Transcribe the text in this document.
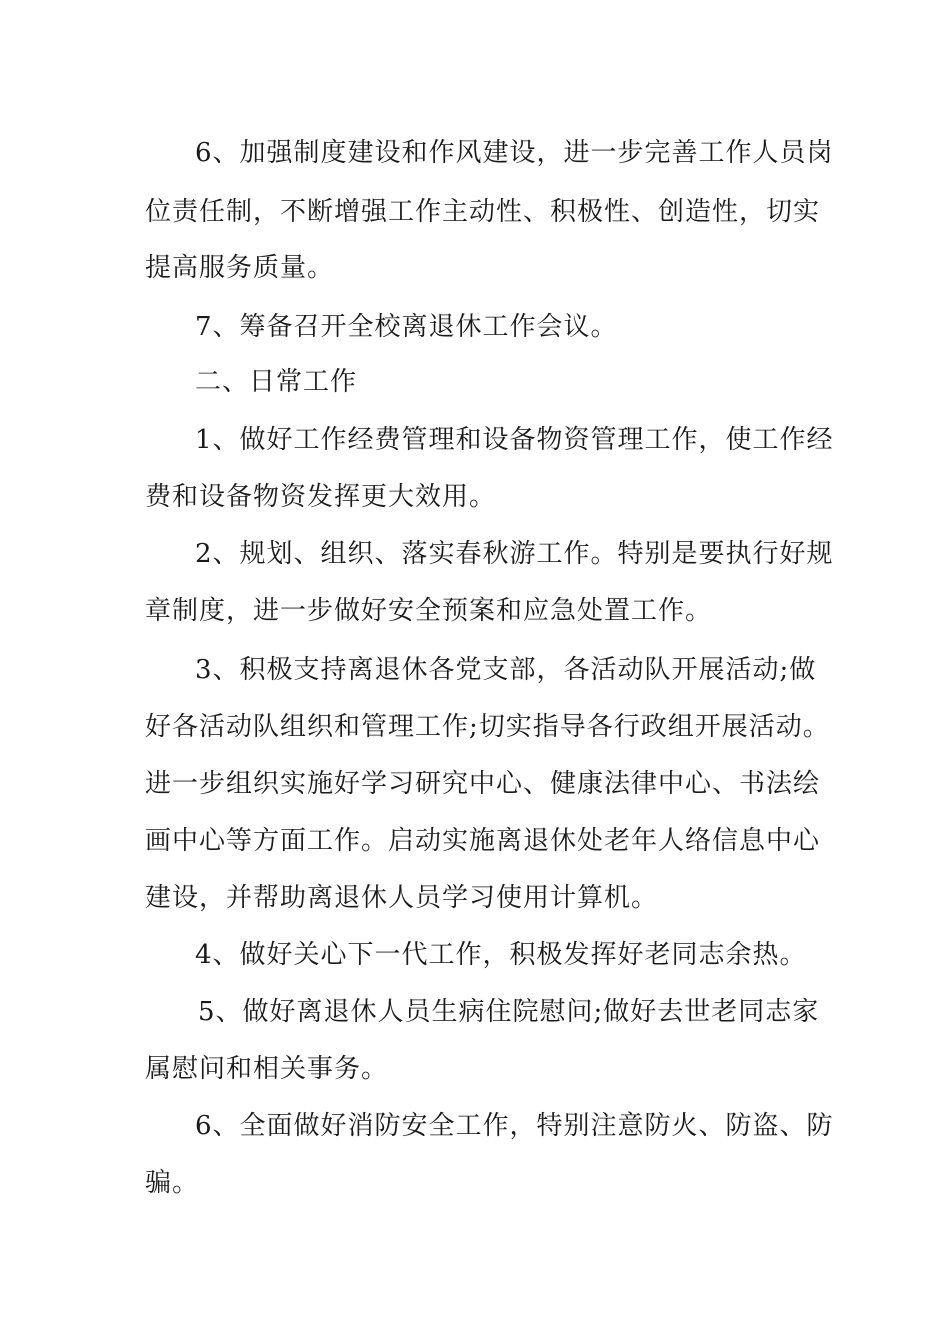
6、加强制度建设和作风建设，进一步完善工作人员岗
位责任制，不断增强工作主动性、积极性、创造性，切实
提高服务质量。
7、筹备召开全校离退休工作会议。
二、日常工作
1、做好工作经费管理和设备物资管理工作，使工作经
费和设备物资发挥更大效用。
2、规划、组织、落实春秋游工作。特别是要执行好规
章制度，进一步做好安全预案和应急处置工作。
3、积极支持离退休各党支部，各活动队开展活动;做
好各活动队组织和管理工作;切实指导各行政组开展活动。
进一步组织实施好学习研究中心、健康法律中心、书法绘
画中心等方面工作。启动实施离退休处老年人络信息中心
建设，并帮助离退休人员学习使用计算机。
4、做好关心下一代工作，积极发挥好老同志余热。
5、做好离退休人员生病住院慰问;做好去世老同志家
属慰问和相关事务。
6、全面做好消防安全工作，特别注意防火、防盗、防
骗。
